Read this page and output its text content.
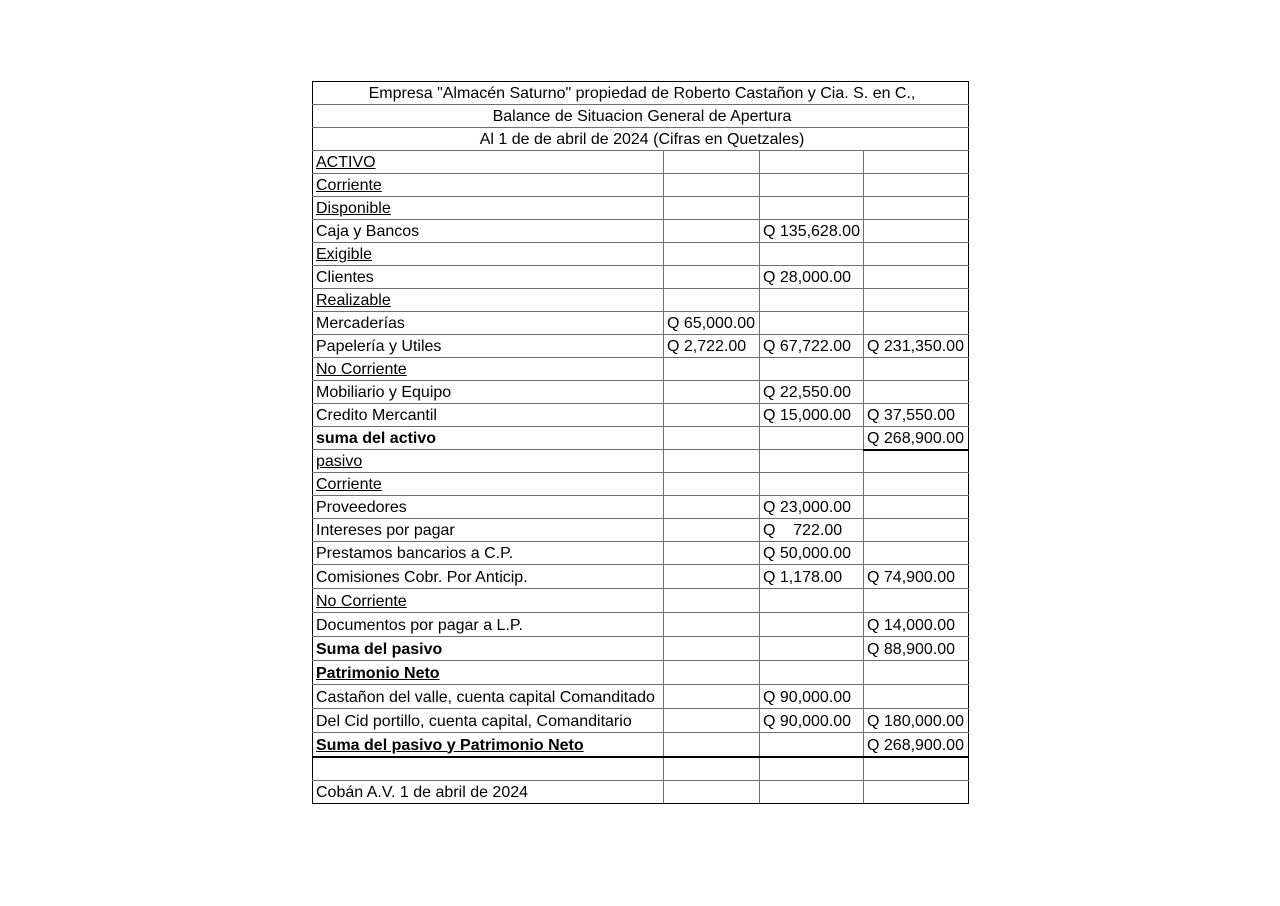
Empresa "Almacén Saturno" propiedad de Roberto Castañon y Cia. S. en C.,			
Balance de Situacion General de Apertura			
Al 1 de de abril de 2024 (Cifras en Quetzales)			
ACTIVO			
Corriente			
Disponible			
Caja y Bancos		Q 135,628.00	
Exigible			
Clientes		Q 28,000.00	
Realizable			
Mercaderías	Q 65,000.00		
Papelería y Utiles	Q 2,722.00	Q 67,722.00	Q 231,350.00
No Corriente			
Mobiliario y Equipo		Q 22,550.00	
Credito Mercantil		Q 15,000.00	Q 37,550.00
suma del activo			Q 268,900.00
pasivo			
Corriente			
Proveedores		Q 23,000.00	
Intereses por pagar		Q    722.00	
Prestamos bancarios a C.P.		Q 50,000.00	
Comisiones Cobr. Por Anticip.		Q 1,178.00	Q 74,900.00
No Corriente			
Documentos por pagar a L.P.			Q 14,000.00
Suma del pasivo			Q 88,900.00
Patrimonio Neto			
Castañon del valle, cuenta capital Comanditado		Q 90,000.00	
Del Cid portillo, cuenta capital, Comanditario		Q 90,000.00	Q 180,000.00
Suma del pasivo y Patrimonio Neto			Q 268,900.00

Cobán A.V. 1 de abril de 2024			
